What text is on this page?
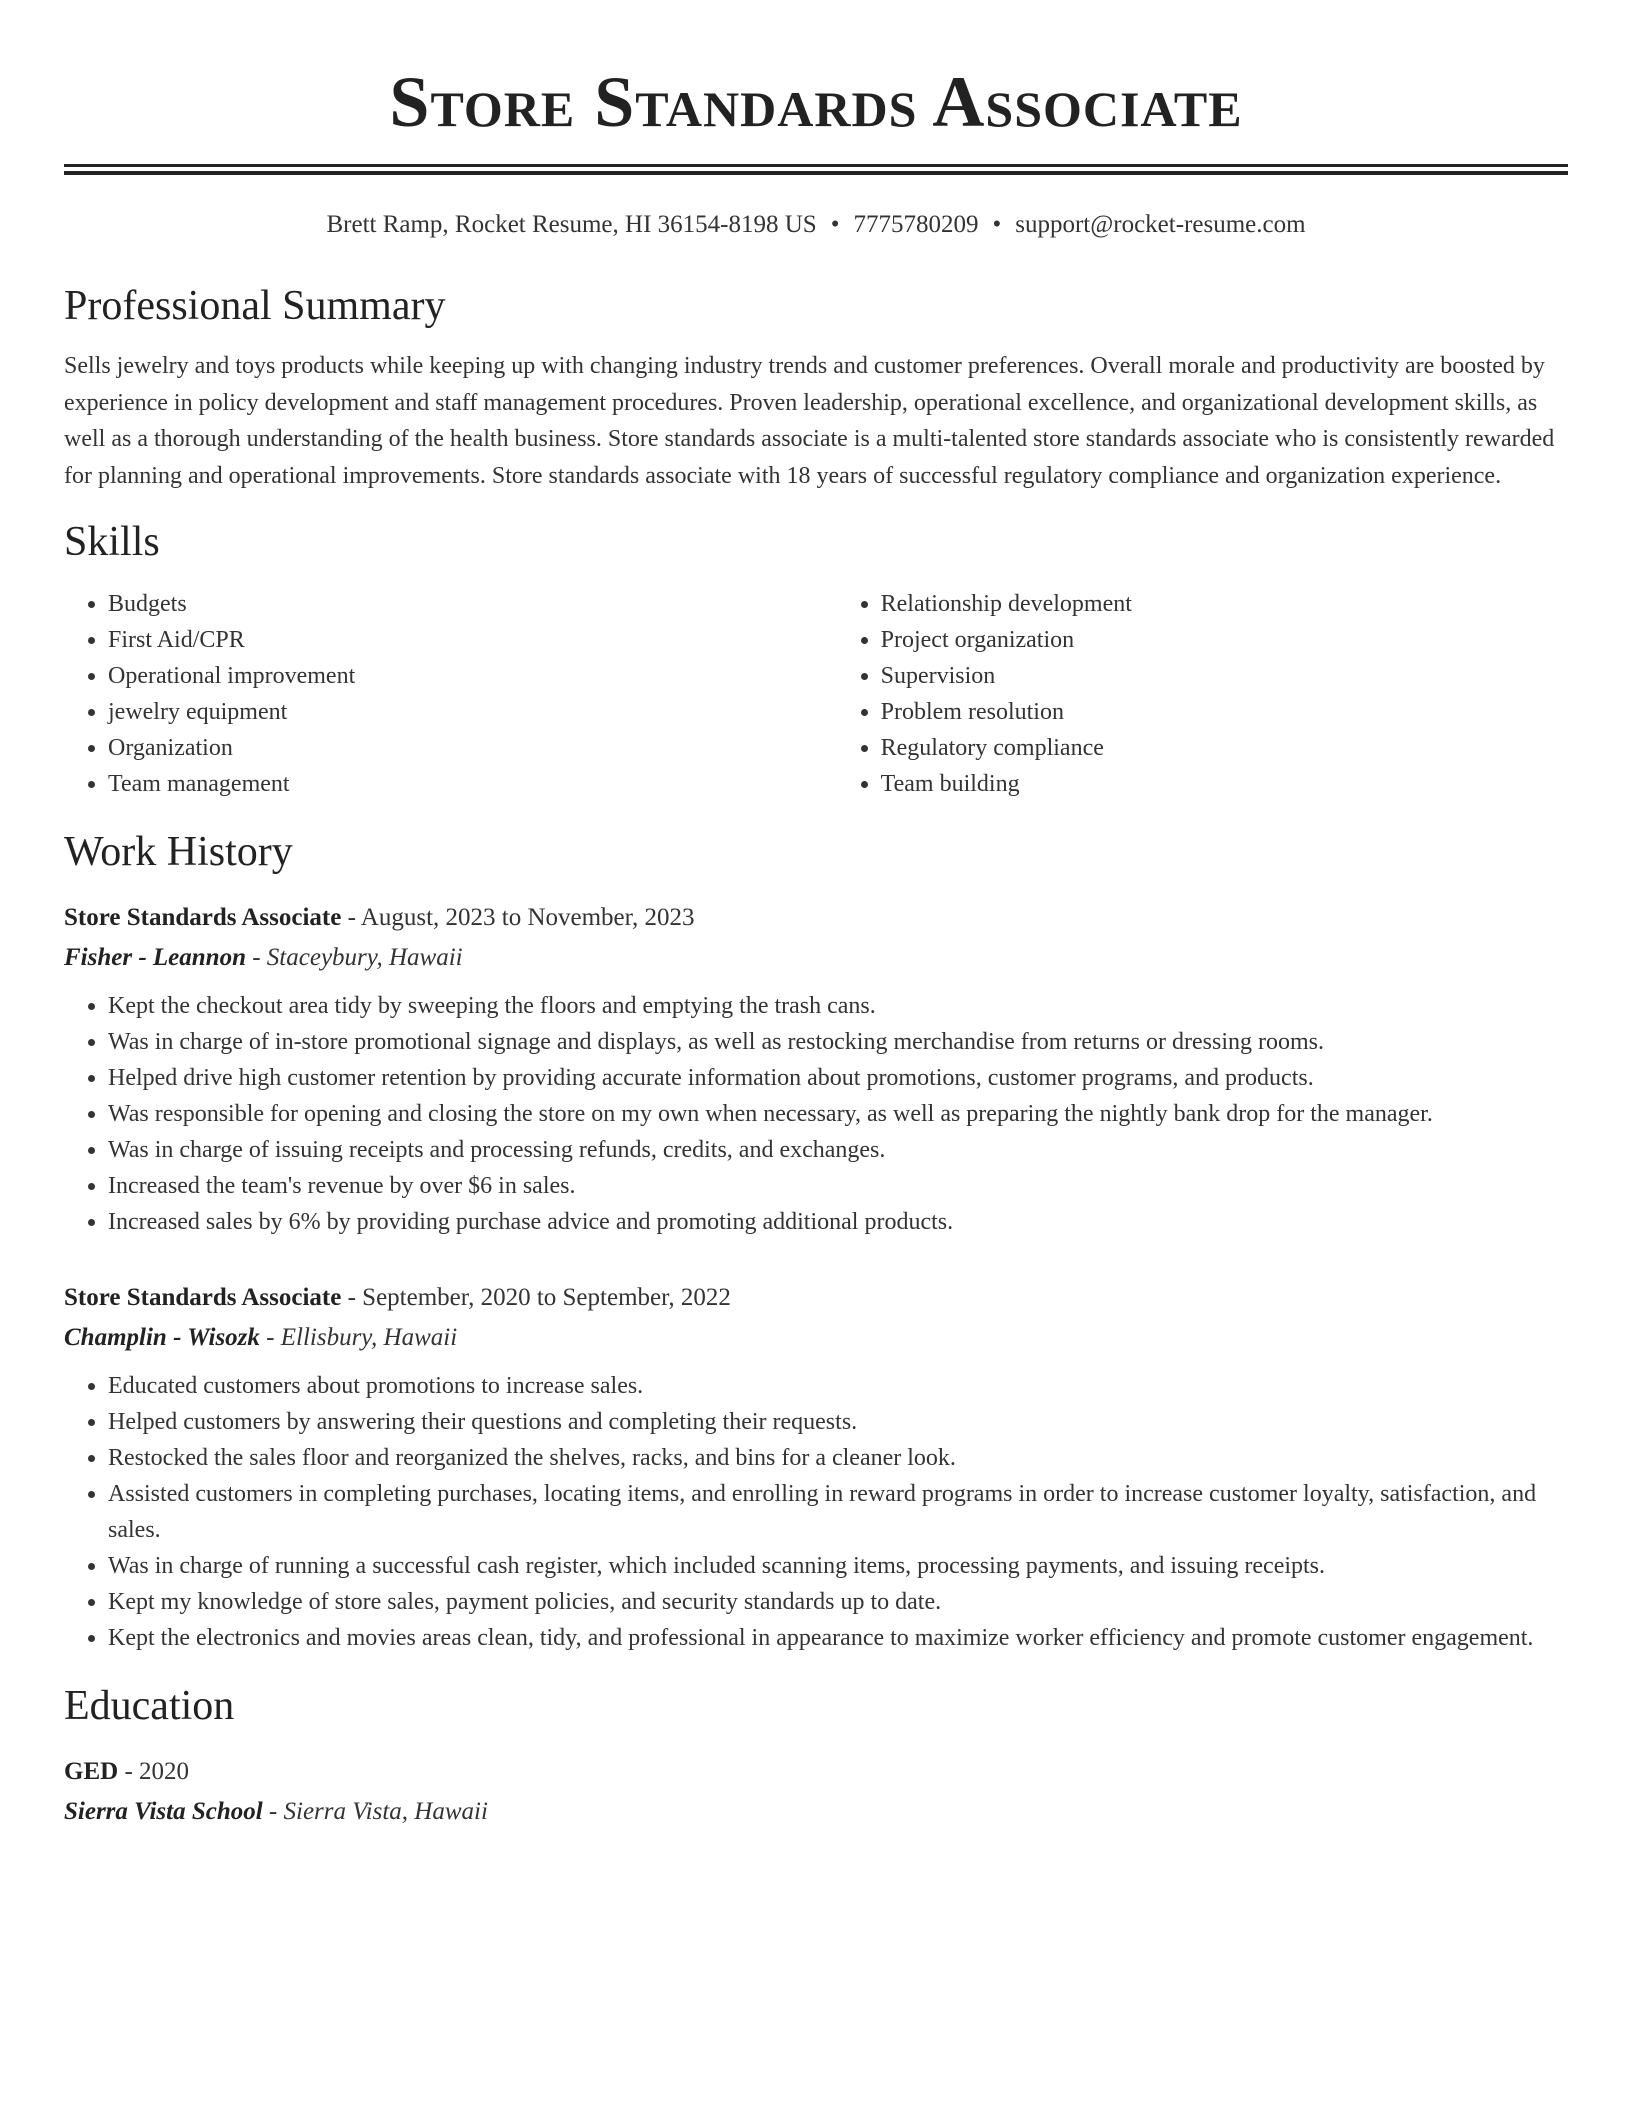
Store Standards Associate
Brett Ramp, Rocket Resume, HI 36154-8198 US • 7775780209 • support@rocket-resume.com
Professional Summary

Sells jewelry and toys products while keeping up with changing industry trends and customer preferences. Overall morale and productivity are boosted by experience in policy development and staff management procedures. Proven leadership, operational excellence, and organizational development skills, as well as a thorough understanding of the health business. Store standards associate is a multi-talented store standards associate who is consistently rewarded for planning and operational improvements. Store standards associate with 18 years of successful regulatory compliance and organization experience.

Skills
• Budgets
• First Aid/CPR
• Operational improvement
• jewelry equipment
• Organization
• Team management
• Relationship development
• Project organization
• Supervision
• Problem resolution
• Regulatory compliance
• Team building
Work History
Store Standards Associate - August, 2023 to November, 2023
Fisher - Leannon - Staceybury, Hawaii
• Kept the checkout area tidy by sweeping the floors and emptying the trash cans.
• Was in charge of in-store promotional signage and displays, as well as restocking merchandise from returns or dressing rooms.
• Helped drive high customer retention by providing accurate information about promotions, customer programs, and products.
• Was responsible for opening and closing the store on my own when necessary, as well as preparing the nightly bank drop for the manager.
• Was in charge of issuing receipts and processing refunds, credits, and exchanges.
• Increased the team's revenue by over $6 in sales.
• Increased sales by 6% by providing purchase advice and promoting additional products.
Store Standards Associate - September, 2020 to September, 2022
Champlin - Wisozk - Ellisbury, Hawaii
• Educated customers about promotions to increase sales.
• Helped customers by answering their questions and completing their requests.
• Restocked the sales floor and reorganized the shelves, racks, and bins for a cleaner look.
• Assisted customers in completing purchases, locating items, and enrolling in reward programs in order to increase customer loyalty, satisfaction, and sales.
• Was in charge of running a successful cash register, which included scanning items, processing payments, and issuing receipts.
• Kept my knowledge of store sales, payment policies, and security standards up to date.
• Kept the electronics and movies areas clean, tidy, and professional in appearance to maximize worker efficiency and promote customer engagement.
Education
GED - 2020
Sierra Vista School - Sierra Vista, Hawaii
